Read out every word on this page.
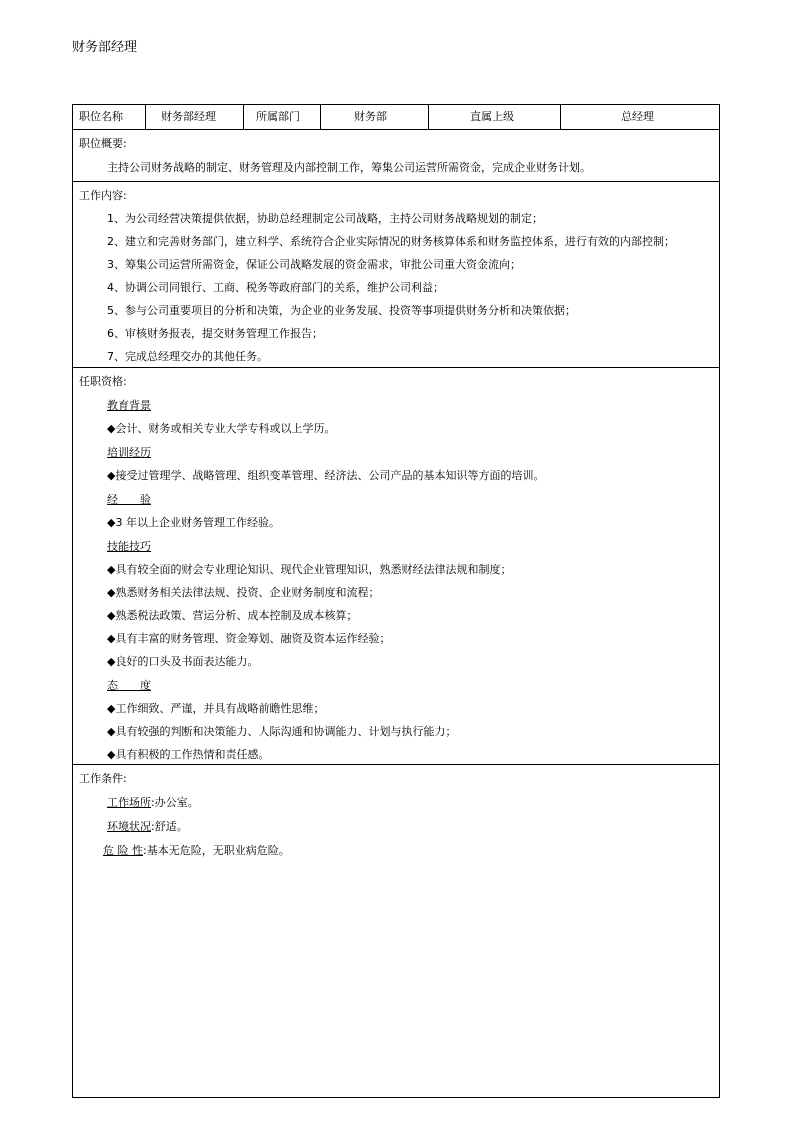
财务部经理
职位名称	财务部经理	所属部门	财务部	直属上级	总经理
职位概要:
主持公司财务战略的制定、财务管理及内部控制工作，筹集公司运营所需资金，完成企业财务计划。
工作内容:
1、为公司经营决策提供依据，协助总经理制定公司战略，主持公司财务战略规划的制定；
2、建立和完善财务部门，建立科学、系统符合企业实际情况的财务核算体系和财务监控体系，进行有效的内部控制；
3、筹集公司运营所需资金，保证公司战略发展的资金需求，审批公司重大资金流向；
4、协调公司同银行、工商、税务等政府部门的关系，维护公司利益；
5、参与公司重要项目的分析和决策，为企业的业务发展、投资等事项提供财务分析和决策依据；
6、审核财务报表，提交财务管理工作报告；
7、完成总经理交办的其他任务。
任职资格:
教育背景
◆会计、财务或相关专业大学专科或以上学历。
培训经历
◆接受过管理学、战略管理、组织变革管理、经济法、公司产品的基本知识等方面的培训。
经　　验
◆3 年以上企业财务管理工作经验。
技能技巧
◆具有较全面的财会专业理论知识、现代企业管理知识，熟悉财经法律法规和制度；
◆熟悉财务相关法律法规、投资、企业财务制度和流程；
◆熟悉税法政策、营运分析、成本控制及成本核算；
◆具有丰富的财务管理、资金筹划、融资及资本运作经验；
◆良好的口头及书面表达能力。
态　　度
◆工作细致、严谨，并具有战略前瞻性思维；
◆具有较强的判断和决策能力、人际沟通和协调能力、计划与执行能力；
◆具有积极的工作热情和责任感。
工作条件:
工作场所:办公室。
环境状况:舒适。
危 险 性:基本无危险，无职业病危险。
